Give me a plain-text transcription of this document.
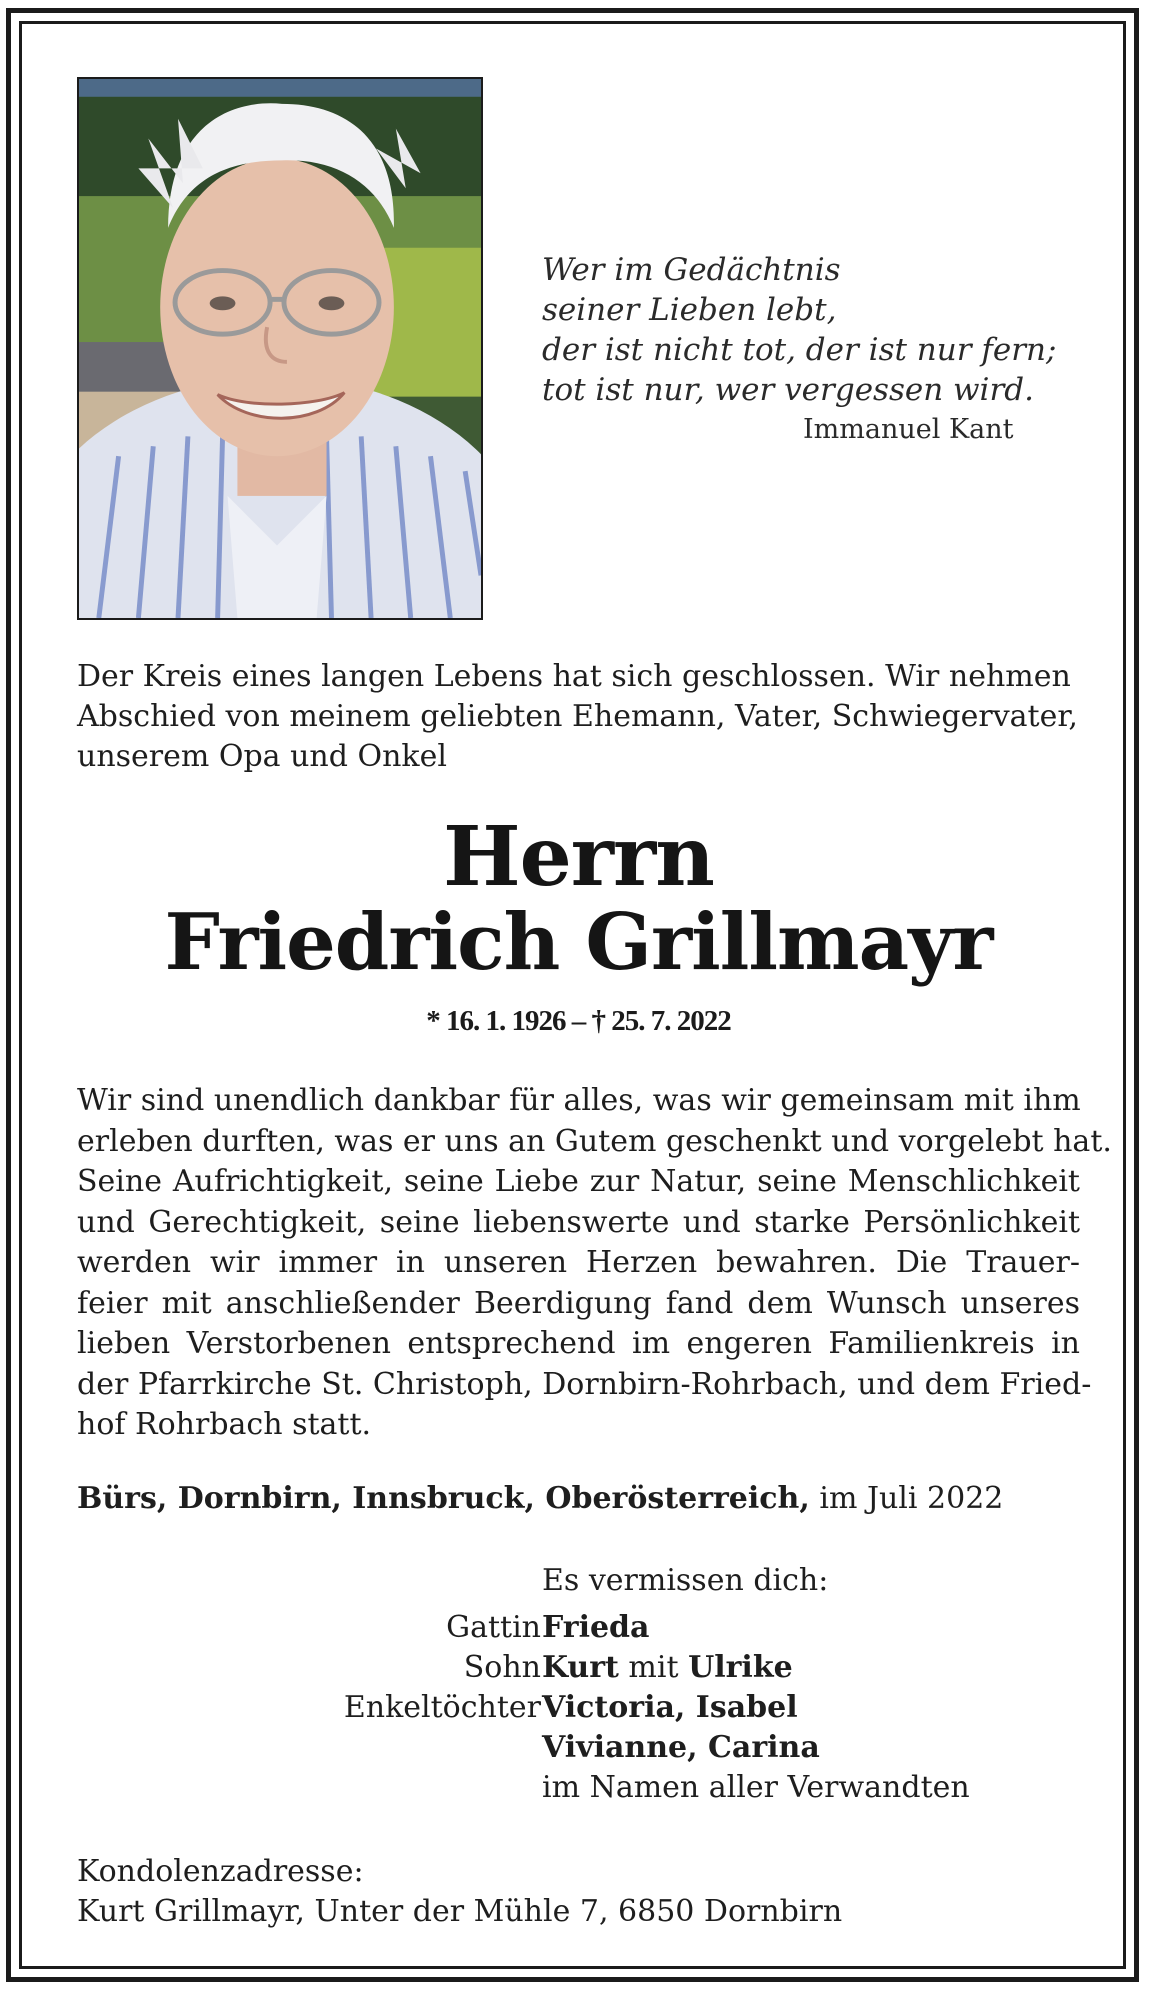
Wer im Gedächtnis
seiner Lieben lebt,
der ist nicht tot, der ist nur fern;
tot ist nur, wer vergessen wird.
Immanuel Kant
Der Kreis eines langen Lebens hat sich geschlossen. Wir nehmen
Abschied von meinem geliebten Ehemann, Vater, Schwiegervater,
unserem Opa und Onkel
Herrn
Friedrich Grillmayr
* 16. 1. 1926 – † 25. 7. 2022
Wir sind unendlich dankbar für alles, was wir gemeinsam mit ihm
erleben durften, was er uns an Gutem geschenkt und vorgelebt hat.
Seine Aufrichtigkeit, seine Liebe zur Natur, seine Menschlichkeit
und Gerechtigkeit, seine liebenswerte und starke Persönlichkeit
werden wir immer in unseren Herzen bewahren. Die Trauer-
feier mit anschließender Beerdigung fand dem Wunsch unseres
lieben Verstorbenen entsprechend im engeren Familienkreis in
der Pfarrkirche St. Christoph, Dornbirn-Rohrbach, und dem Fried-
hof Rohrbach statt.
Bürs, Dornbirn, Innsbruck, Oberösterreich, im Juli 2022
Es vermissen dich:
Gattin Frieda
Sohn Kurt mit Ulrike
Enkeltöchter Victoria, Isabel
Vivianne, Carina
im Namen aller Verwandten
Kondolenzadresse:
Kurt Grillmayr, Unter der Mühle 7, 6850 Dornbirn
